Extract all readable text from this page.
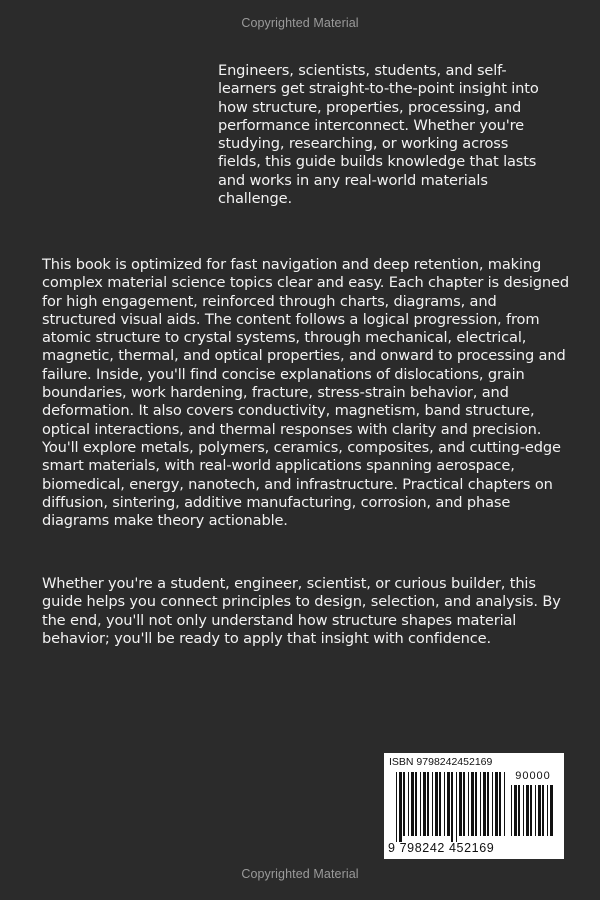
Copyrighted Material

Engineers, scientists, students, and self-learners get straight-to-the-point insight into how structure, properties, processing, and performance interconnect. Whether you're studying, researching, or working across fields, this guide builds knowledge that lasts and works in any real-world materials challenge.

This book is optimized for fast navigation and deep retention, making complex material science topics clear and easy. Each chapter is designed for high engagement, reinforced through charts, diagrams, and structured visual aids. The content follows a logical progression, from atomic structure to crystal systems, through mechanical, electrical, magnetic, thermal, and optical properties, and onward to processing and failure. Inside, you'll find concise explanations of dislocations, grain boundaries, work hardening, fracture, stress-strain behavior, and deformation. It also covers conductivity, magnetism, band structure, optical interactions, and thermal responses with clarity and precision. You'll explore metals, polymers, ceramics, composites, and cutting-edge smart materials, with real-world applications spanning aerospace, biomedical, energy, nanotech, and infrastructure. Practical chapters on diffusion, sintering, additive manufacturing, corrosion, and phase diagrams make theory actionable.

Whether you're a student, engineer, scientist, or curious builder, this guide helps you connect principles to design, selection, and analysis. By the end, you'll not only understand how structure shapes material behavior; you'll be ready to apply that insight with confidence.

ISBN 9798242452169
90000
9 798242 452169
Copyrighted Material
